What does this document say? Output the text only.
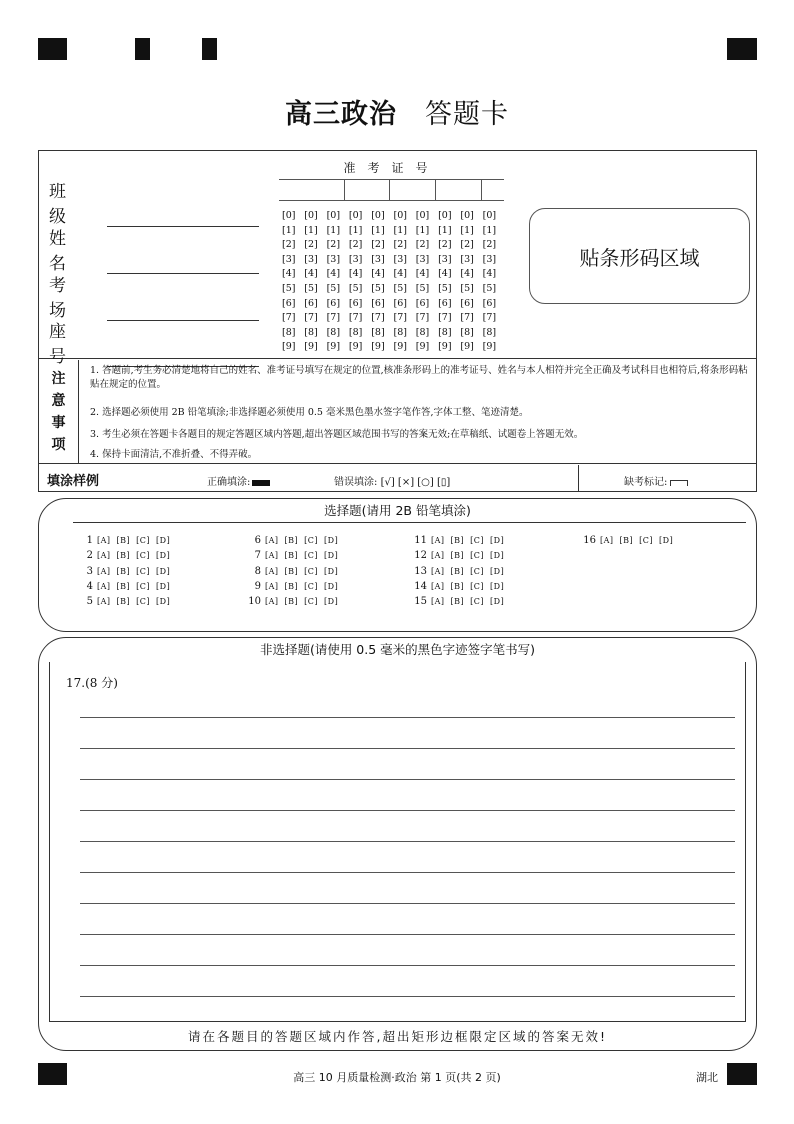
高三政治 答题卡
班级
姓名
考场
座号
准考证号
[0] [0] [0] [0] [0] [0] [0] [0] [0] [0]
[1] [1] [1] [1] [1] [1] [1] [1] [1] [1]
[2] [2] [2] [2] [2] [2] [2] [2] [2] [2]
[3] [3] [3] [3] [3] [3] [3] [3] [3] [3]
[4] [4] [4] [4] [4] [4] [4] [4] [4] [4]
[5] [5] [5] [5] [5] [5] [5] [5] [5] [5]
[6] [6] [6] [6] [6] [6] [6] [6] [6] [6]
[7] [7] [7] [7] [7] [7] [7] [7] [7] [7]
[8] [8] [8] [8] [8] [8] [8] [8] [8] [8]
[9] [9] [9] [9] [9] [9] [9] [9] [9] [9]
贴条形码区域
注
意
事
项
1. 答题前,考生务必清楚地将自己的姓名、准考证号填写在规定的位置,核准条形码上的准考证号、姓名与本人相符并完全正确及考试科目也相符后,将条形码粘贴在规定的位置。
2. 选择题必须使用 2B 铅笔填涂;非选择题必须使用 0.5 毫米黑色墨水签字笔作答,字体工整、笔迹清楚。
3. 考生必须在答题卡各题目的规定答题区域内答题,超出答题区域范围书写的答案无效;在草稿纸、试题卷上答题无效。
4. 保持卡面清洁,不准折叠、不得弄破。
填涂样例	正确填涂:	错误填涂: [√] [×] [○] [▯]	缺考标记:
选择题(请用 2B 铅笔填涂)
1 [A] [B] [C] [D]
2 [A] [B] [C] [D]
3 [A] [B] [C] [D]
4 [A] [B] [C] [D]
5 [A] [B] [C] [D]
6 [A] [B] [C] [D]
7 [A] [B] [C] [D]
8 [A] [B] [C] [D]
9 [A] [B] [C] [D]
10 [A] [B] [C] [D]
11 [A] [B] [C] [D]
12 [A] [B] [C] [D]
13 [A] [B] [C] [D]
14 [A] [B] [C] [D]
15 [A] [B] [C] [D]
16 [A] [B] [C] [D]
非选择题(请使用 0.5 毫米的黑色字迹签字笔书写)
17.(8 分)
请在各题目的答题区域内作答,超出矩形边框限定区域的答案无效!
高三 10 月质量检测·政治 第 1 页(共 2 页)	湖北
